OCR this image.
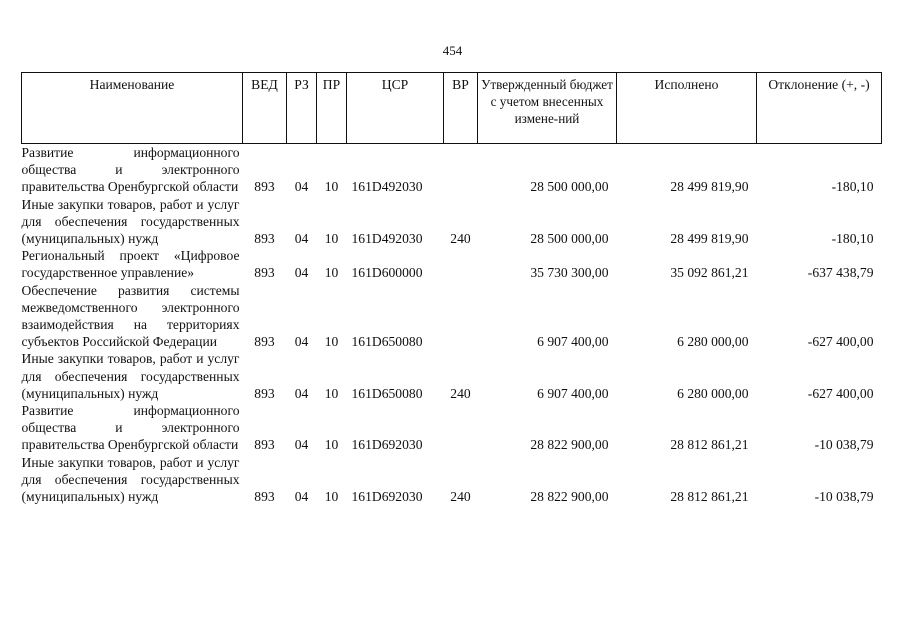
454
Наименование	ВЕД	РЗ	ПР	ЦСР	ВР	Утвержденный бюджет с учетом внесенных измене-ний	Исполнено	Отклонение (+, -)
Развитие информационного общества и электронного правительства Оренбургской области	893	04	10	161D492030		28 500 000,00	28 499 819,90	-180,10
Иные закупки товаров, работ и услуг для обеспечения государственных (муниципальных) нужд	893	04	10	161D492030	240	28 500 000,00	28 499 819,90	-180,10
Региональный проект «Цифровое государственное управление»	893	04	10	161D600000		35 730 300,00	35 092 861,21	-637 438,79
Обеспечение развития системы межведомственного электронного взаимодействия на территориях субъектов Российской Федерации	893	04	10	161D650080		6 907 400,00	6 280 000,00	-627 400,00
Иные закупки товаров, работ и услуг для обеспечения государственных (муниципальных) нужд	893	04	10	161D650080	240	6 907 400,00	6 280 000,00	-627 400,00
Развитие информационного общества и электронного правительства Оренбургской области	893	04	10	161D692030		28 822 900,00	28 812 861,21	-10 038,79
Иные закупки товаров, работ и услуг для обеспечения государственных (муниципальных) нужд	893	04	10	161D692030	240	28 822 900,00	28 812 861,21	-10 038,79
